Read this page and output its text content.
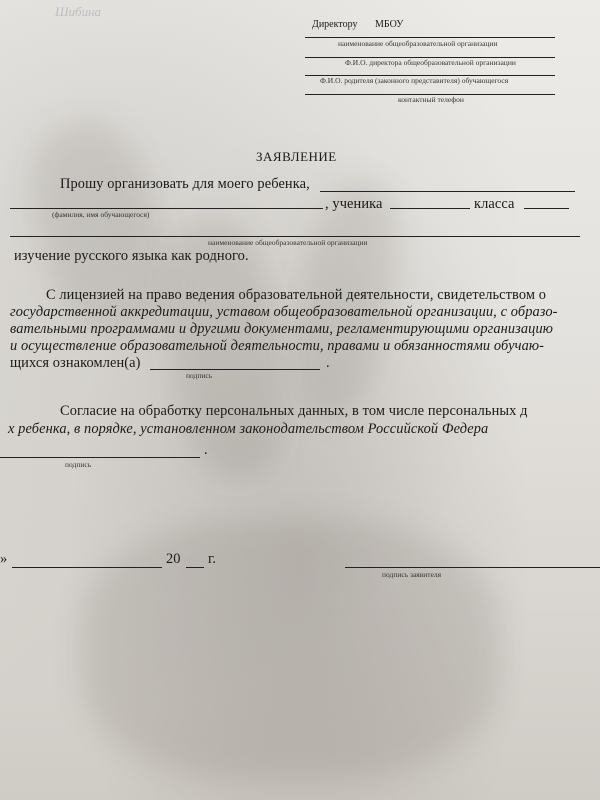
Шибина
Директору МБОУ
наименование общеобразовательной организации
Ф.И.О. директора общеобразовательной организации
Ф.И.О. родителя (законного представителя) обучающегося
контактный телефон
ЗАЯВЛЕНИЕ
Прошу организовать для моего ребенка,
, ученика	класса
(фамилия, имя обучающегося)
наименование общеобразовательной организации
изучение русского языка как родного.
С лицензией на право ведения образовательной деятельности, свидетельством о
государственной аккредитации, уставом общеобразовательной организации, с образо-
вательными программами и другими документами, регламентирующими организацию
и осуществление образовательной деятельности, правами и обязанностями обучаю-
щихся ознакомлен(а)	.
подпись
Согласие на обработку персональных данных, в том числе персональных д
х ребенка, в порядке, установленном законодательством Российской Федера
.
подпись
»	20 г.
подпись заявителя
